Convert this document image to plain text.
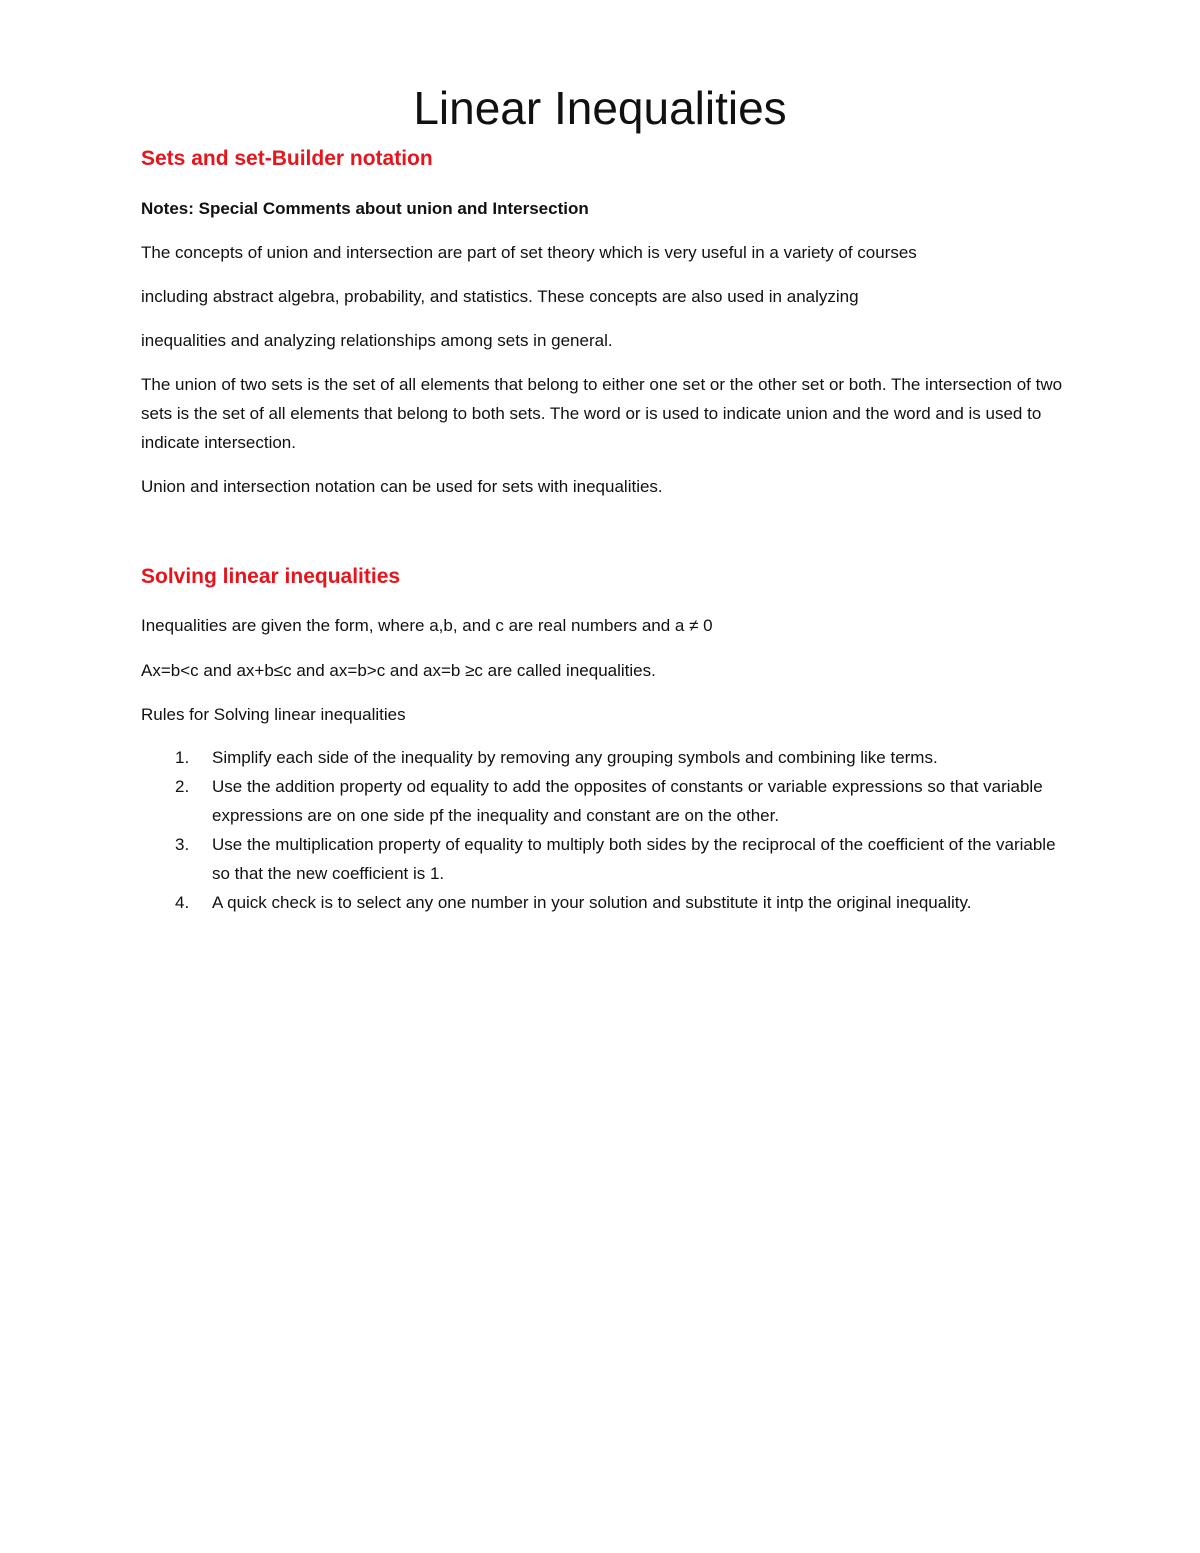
Linear Inequalities
Sets and set-Builder notation

Notes: Special Comments about union and Intersection

The concepts of union and intersection are part of set theory which is very useful in a variety of courses

including abstract algebra, probability, and statistics. These concepts are also used in analyzing

inequalities and analyzing relationships among sets in general.

The union of two sets is the set of all elements that belong to either one set or the other set or both. The intersection of two sets is the set of all elements that belong to both sets. The word or is used to indicate union and the word and is used to indicate intersection.

Union and intersection notation can be used for sets with inequalities.

Solving linear inequalities

Inequalities are given the form, where a,b, and c are real numbers and a ≠ 0

Ax=b<c and ax+b≤c and ax=b>c and ax=b ≥c are called inequalities.

Rules for Solving linear inequalities

1. Simplify each side of the inequality by removing any grouping symbols and combining like terms.
2. Use the addition property od equality to add the opposites of constants or variable expressions so that variable expressions are on one side pf the inequality and constant are on the other.
3. Use the multiplication property of equality to multiply both sides by the reciprocal of the coefficient of the variable so that the new coefficient is 1.
4. A quick check is to select any one number in your solution and substitute it intp the original inequality.
